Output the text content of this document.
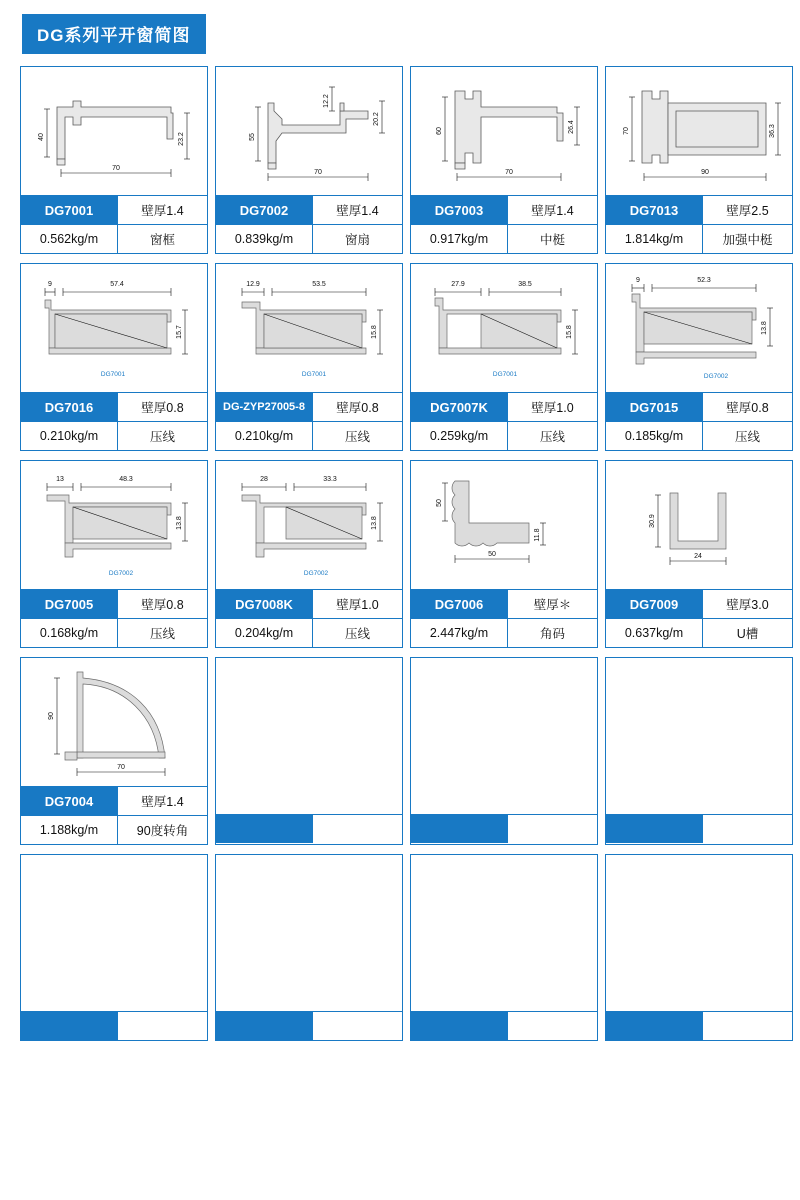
DG系列平开窗简图
40	23.2
70
DG7001	壁厚1.4
0.562kg/m	窗框
55
12.2
20.2
70
DG7002	壁厚1.4
0.839kg/m	窗扇
60	26.4
70
DG7003	壁厚1.4
0.917kg/m	中梃
70	36.3
90
DG7013	壁厚2.5
1.814kg/m	加强中梃
9	57.4
15.7
DG7001
DG7016	壁厚0.8
0.210kg/m	压线
12.9	53.5
15.8
DG7001
DG-ZYP27005-8	壁厚0.8
0.210kg/m	压线
27.9	38.5
15.8
DG7001
DG7007K	壁厚1.0
0.259kg/m	压线
9	52.3
13.8
DG7002
DG7015	壁厚0.8
0.185kg/m	压线
13	48.3
13.8
DG7002
DG7005	壁厚0.8
0.168kg/m	压线
28	33.3
13.8
DG7002
DG7008K	壁厚1.0
0.204kg/m	压线
50
11.8
50
DG7006	壁厚＊
2.447kg/m	角码
30.9
24
DG7009	壁厚3.0
0.637kg/m	U槽
90
70
DG7004	壁厚1.4
1.188kg/m	90度转角
